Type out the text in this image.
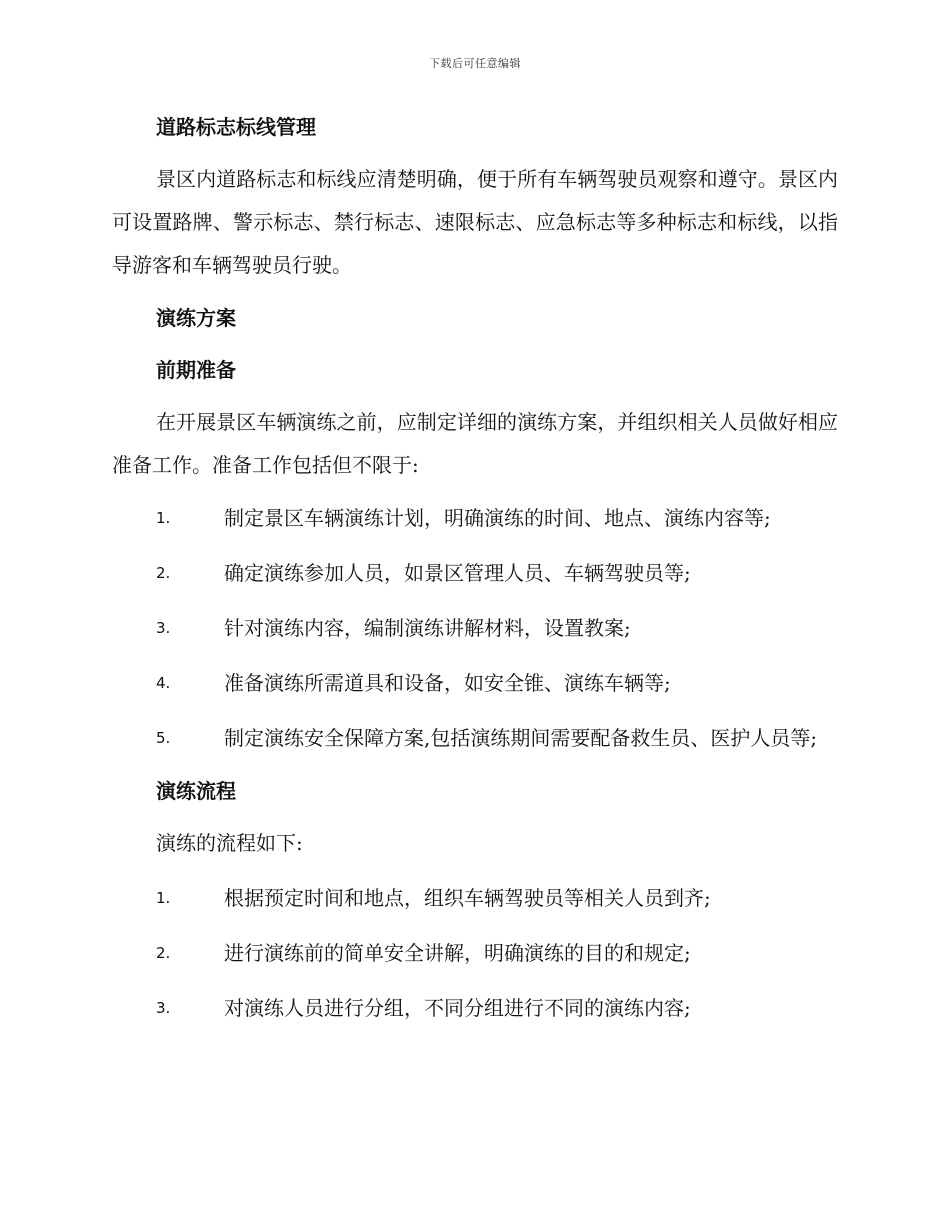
下载后可任意编辑
道路标志标线管理

景区内道路标志和标线应清楚明确，便于所有车辆驾驶员观察和遵守。景区内可设置路牌、警示标志、禁行标志、速限标志、应急标志等多种标志和标线，以指导游客和车辆驾驶员行驶。

演练方案
前期准备

在开展景区车辆演练之前，应制定详细的演练方案，并组织相关人员做好相应准备工作。准备工作包括但不限于:

1.	制定景区车辆演练计划，明确演练的时间、地点、演练内容等;

2.	确定演练参加人员，如景区管理人员、车辆驾驶员等;

3.	针对演练内容，编制演练讲解材料，设置教案;

4.	准备演练所需道具和设备，如安全锥、演练车辆等;

5.	制定演练安全保障方案,包括演练期间需要配备救生员、医护人员等;

演练流程

演练的流程如下:

1.	根据预定时间和地点，组织车辆驾驶员等相关人员到齐;

2.	进行演练前的简单安全讲解，明确演练的目的和规定;

3.	对演练人员进行分组，不同分组进行不同的演练内容;
